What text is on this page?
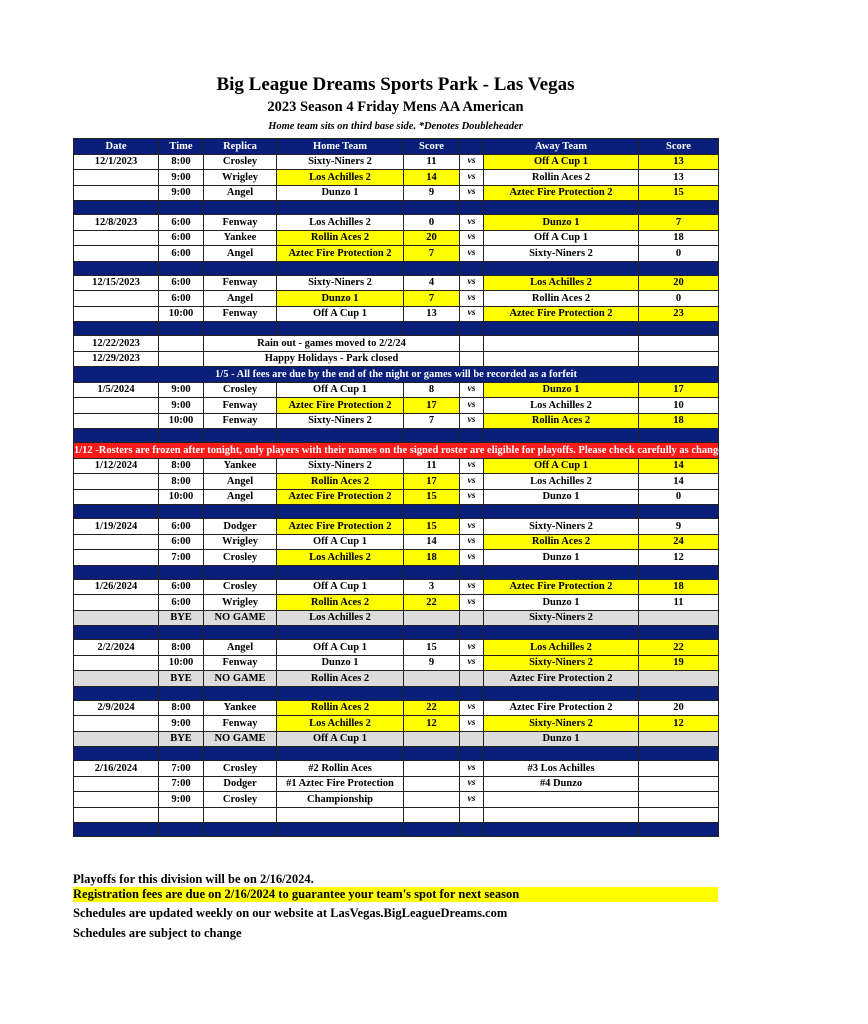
Big League Dreams Sports Park - Las Vegas
2023 Season 4 Friday Mens AA American
Home team sits on third base side. *Denotes Doubleheader
Date	Time	Replica	Home Team	Score		Away Team	Score
12/1/2023	8:00	Crosley	Sixty-Niners 2	11	vs	Off A Cup 1	13
	9:00	Wrigley	Los Achilles 2	14	vs	Rollin Aces 2	13
	9:00	Angel	Dunzo 1	9	vs	Aztec Fire Protection 2	15

12/8/2023	6:00	Fenway	Los Achilles 2	0	vs	Dunzo 1	7
	6:00	Yankee	Rollin Aces 2	20	vs	Off A Cup 1	18
	6:00	Angel	Aztec Fire Protection 2	7	vs	Sixty-Niners 2	0

12/15/2023	6:00	Fenway	Sixty-Niners 2	4	vs	Los Achilles 2	20
	6:00	Angel	Dunzo 1	7	vs	Rollin Aces 2	0
	10:00	Fenway	Off A Cup 1	13	vs	Aztec Fire Protection 2	23

12/22/2023		Rain out - games moved to 2/2/24					
12/29/2023		Happy Holidays - Park closed					
1/5 - All fees are due by the end of the night or games will be recorded as a forfeit							
1/5/2024	9:00	Crosley	Off A Cup 1	8	vs	Dunzo 1	17
	9:00	Fenway	Aztec Fire Protection 2	17	vs	Los Achilles 2	10
	10:00	Fenway	Sixty-Niners 2	7	vs	Rollin Aces 2	18

1/12 -Rosters are frozen after tonight, only players with their names on the signed roster are eligible for playoffs. Please check carefully as changes will not be made for omissions.							
1/12/2024	8:00	Yankee	Sixty-Niners 2	11	vs	Off A Cup 1	14
	8:00	Angel	Rollin Aces 2	17	vs	Los Achilles 2	14
	10:00	Angel	Aztec Fire Protection 2	15	vs	Dunzo 1	0

1/19/2024	6:00	Dodger	Aztec Fire Protection 2	15	vs	Sixty-Niners 2	9
	6:00	Wrigley	Off A Cup 1	14	vs	Rollin Aces 2	24
	7:00	Crosley	Los Achilles 2	18	vs	Dunzo 1	12

1/26/2024	6:00	Crosley	Off A Cup 1	3	vs	Aztec Fire Protection 2	18
	6:00	Wrigley	Rollin Aces 2	22	vs	Dunzo 1	11
	BYE	NO GAME	Los Achilles 2			Sixty-Niners 2	

2/2/2024	8:00	Angel	Off A Cup 1	15	vs	Los Achilles 2	22
	10:00	Fenway	Dunzo 1	9	vs	Sixty-Niners 2	19
	BYE	NO GAME	Rollin Aces 2			Aztec Fire Protection 2	

2/9/2024	8:00	Yankee	Rollin Aces 2	22	vs	Aztec Fire Protection 2	20
	9:00	Fenway	Los Achilles 2	12	vs	Sixty-Niners 2	12
	BYE	NO GAME	Off A Cup 1			Dunzo 1	

2/16/2024	7:00	Crosley	#2 Rollin Aces		vs	#3 Los Achilles	
	7:00	Dodger	#1 Aztec Fire Protection		vs	#4 Dunzo	
	9:00	Crosley	Championship		vs		

Playoffs for this division will be on 2/16/2024.
Registration fees are due on 2/16/2024 to guarantee your team's spot for next season
Schedules are updated weekly on our website at LasVegas.BigLeagueDreams.com
Schedules are subject to change
